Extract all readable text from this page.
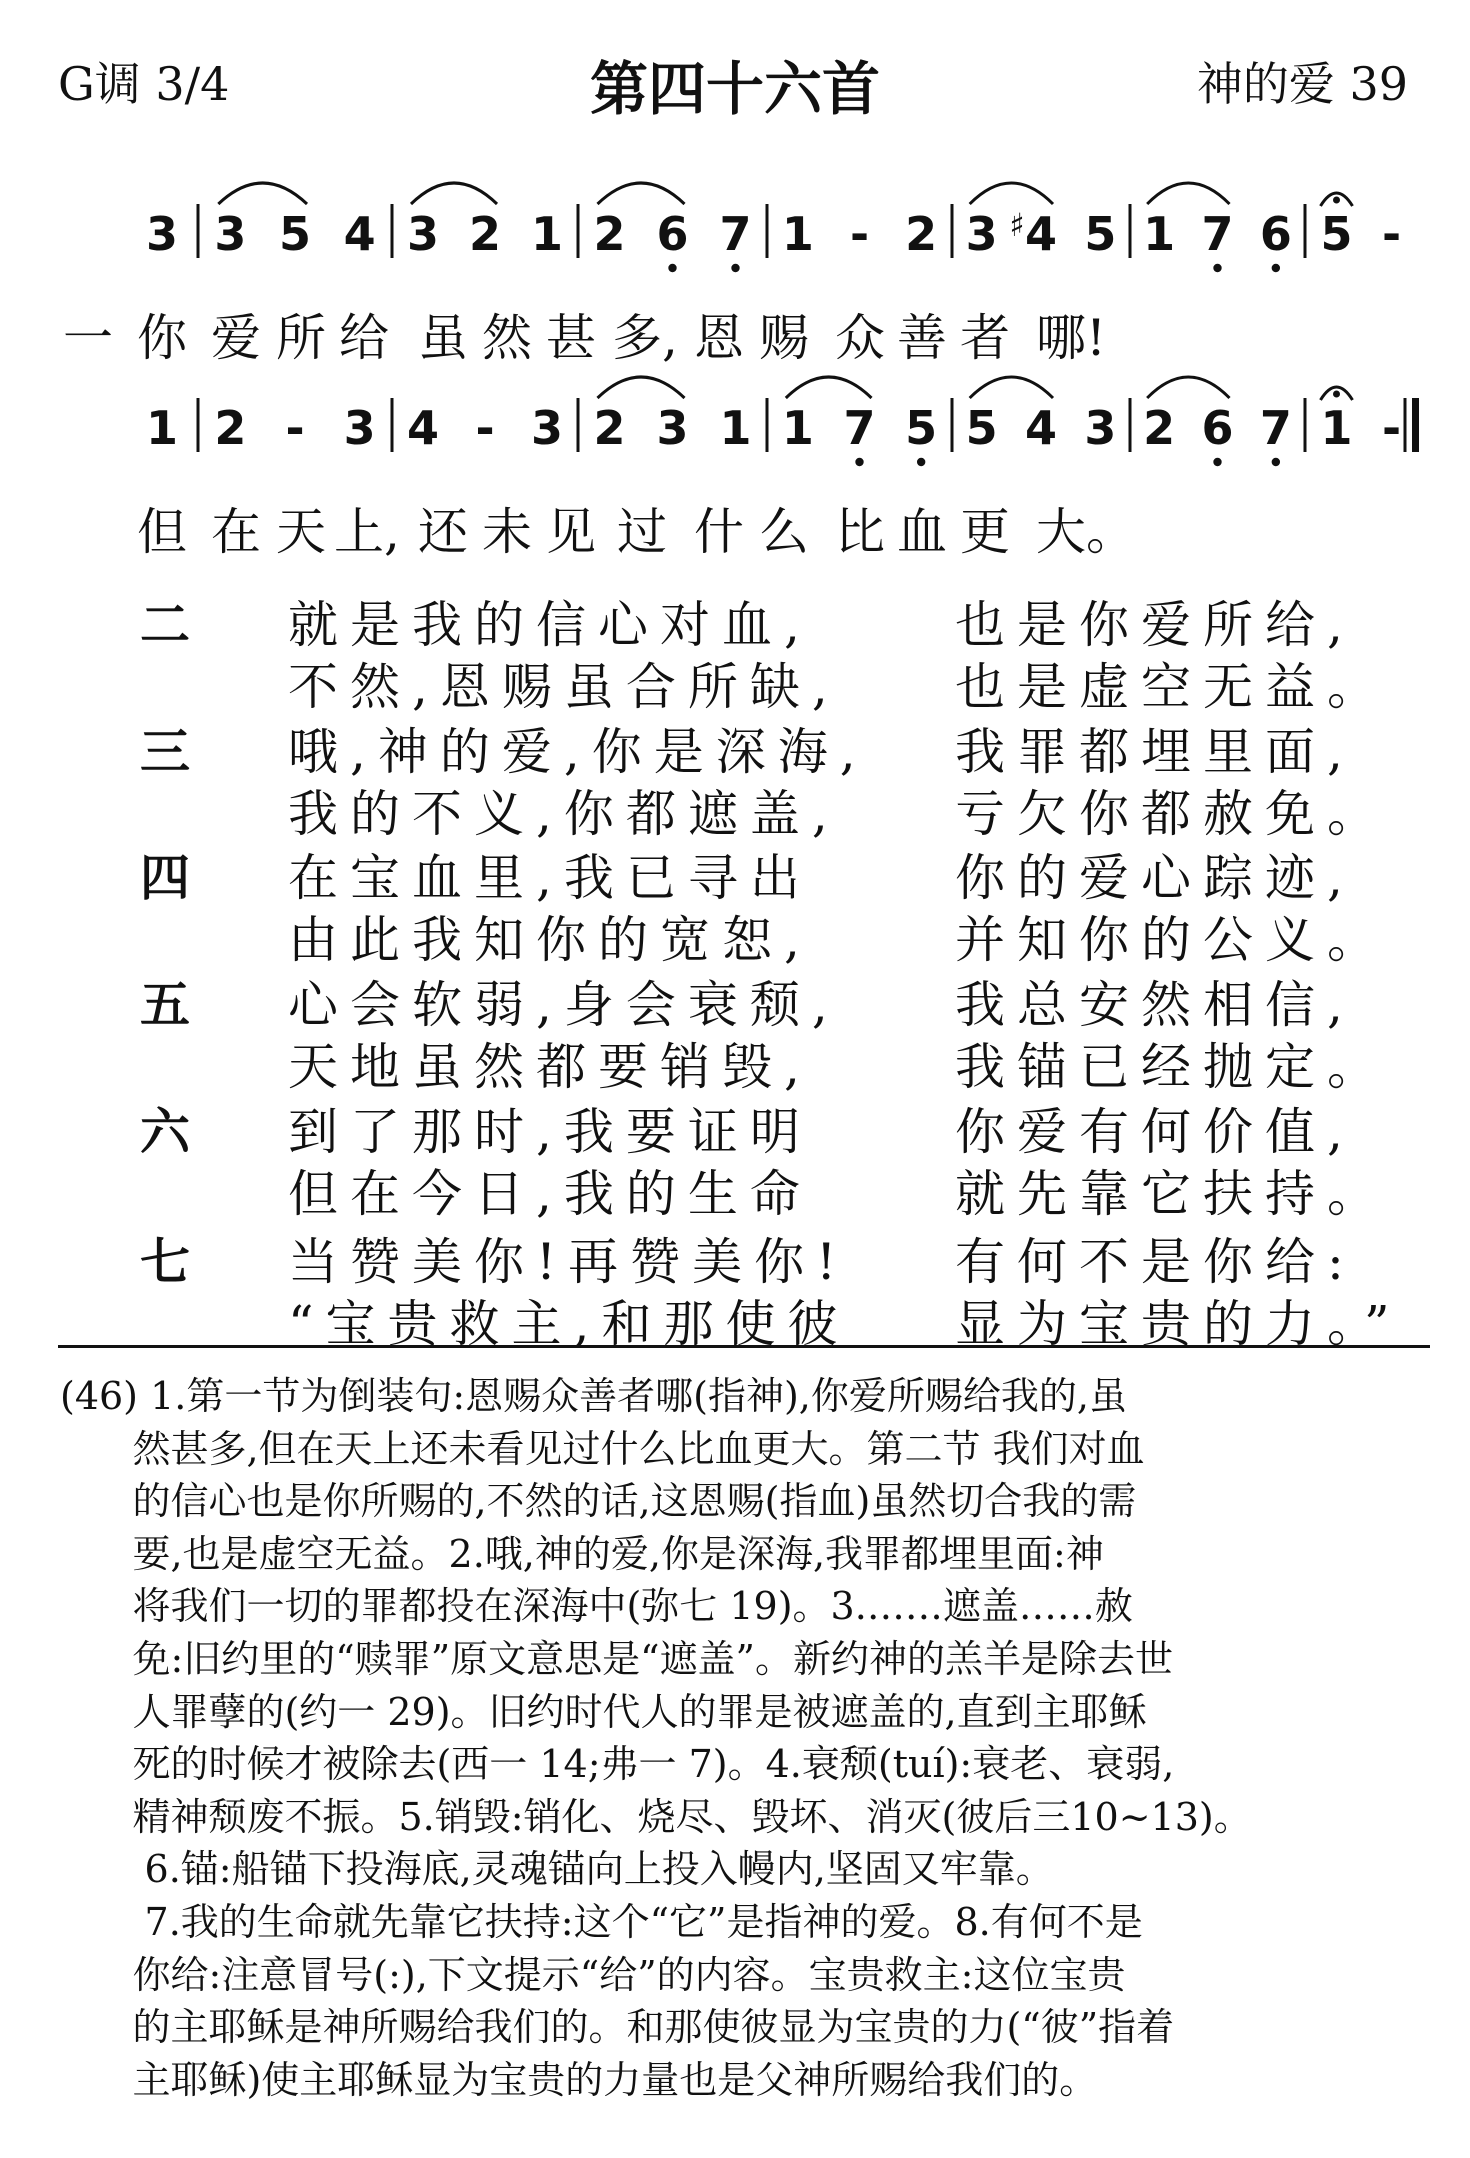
G调 3/4	第四十六首	神的爱 39
3 3 5 4 3 2 1 2 6 7 1 - 2 3 4
♯ 5 1 7 6 5 -
1 2 - 3 4 - 3 2 3 1 1 7 5 5 4 3 2 6 7 1 -
一 你 爱 所 给 虽 然 甚 多, 恩 赐 众 善 者 哪!
但 在 天 上, 还 未 见 过 什 么 比 血 更 大。
二 就是我的信心对血,	也是你爱所给,
不然,恩赐虽合所缺, 也是虚空无益。
三 哦,神的爱,你是深海, 我罪都埋里面,
我的不义,你都遮盖, 亏欠你都赦免。
四 在宝血里,我已寻出	你的爱心踪迹,
由此我知你的宽恕,	并知你的公义。
五 心会软弱,身会衰颓, 我总安然相信,
天地虽然都要销毁,	我锚已经抛定。
六 到了那时,我要证明	你爱有何价值,
但在今日,我的生命	就先靠它扶持。
七 当赞美你!再赞美你! 有何不是你给:
“宝贵救主,和那使彼 显为宝贵的力。”
(46) 1.第一节为倒装句:恩赐众善者哪(指神),你爱所赐给我的,虽
然甚多,但在天上还未看见过什么比血更大。第二节 我们对血
的信心也是你所赐的,不然的话,这恩赐(指血)虽然切合我的需
要,也是虚空无益。2.哦,神的爱,你是深海,我罪都埋里面:神
将我们一切的罪都投在深海中(弥七 19)。3.……遮盖……赦
免:旧约里的“赎罪”原文意思是“遮盖”。新约神的羔羊是除去世
人罪孽的(约一 29)。旧约时代人的罪是被遮盖的,直到主耶稣
死的时候才被除去(西一 14;弗一 7)。4.衰颓(tuí):衰老、衰弱,
精神颓废不振。5.销毁:销化、烧尽、毁坏、消灭(彼后三10~13)。
6.锚:船锚下投海底,灵魂锚向上投入幔内,坚固又牢靠。
7.我的生命就先靠它扶持:这个“它”是指神的爱。8.有何不是
你给:注意冒号(:),下文提示“给”的内容。宝贵救主:这位宝贵
的主耶稣是神所赐给我们的。和那使彼显为宝贵的力(“彼”指着
主耶稣)使主耶稣显为宝贵的力量也是父神所赐给我们的。
